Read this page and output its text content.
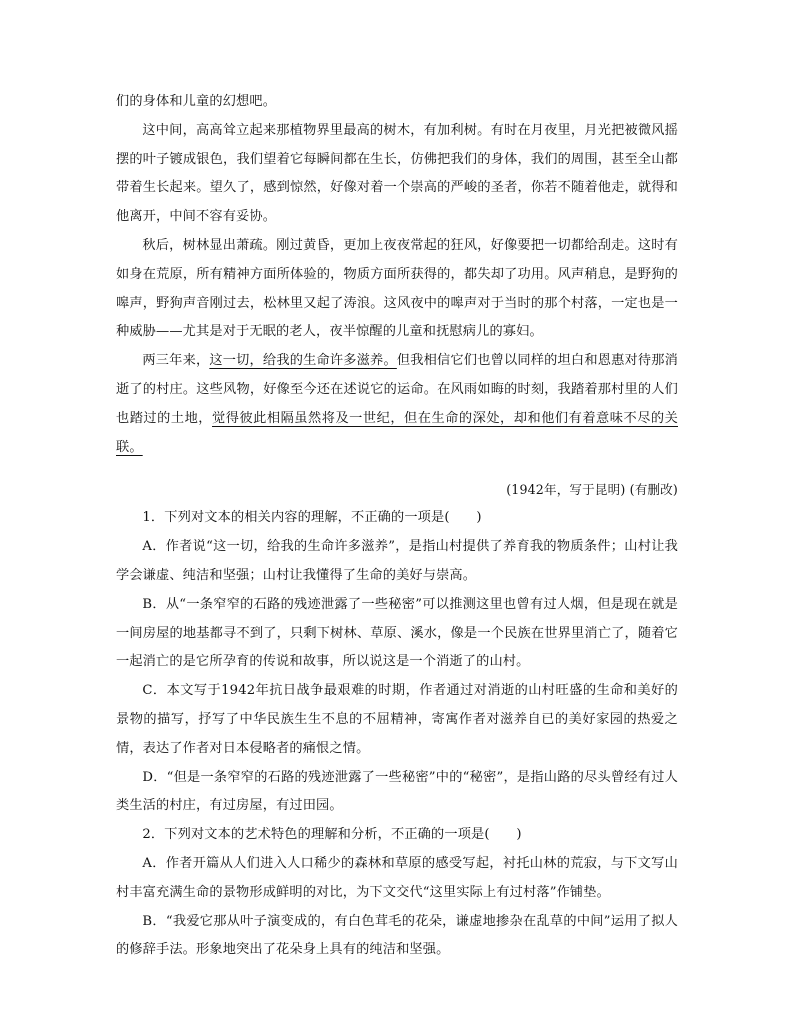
们的身体和儿童的幻想吧。

这中间，高高耸立起来那植物界里最高的树木，有加利树。有时在月夜里，月光把被微风摇摆的叶子镀成银色，我们望着它每瞬间都在生长，仿佛把我们的身体，我们的周围，甚至全山都带着生长起来。望久了，感到惊然，好像对着一个崇高的严峻的圣者，你若不随着他走，就得和他离开，中间不容有妥协。

秋后，树林显出萧疏。刚过黄昏，更加上夜夜常起的狂风，好像要把一切都给刮走。这时有如身在荒原，所有精神方面所体验的，物质方面所获得的，都失却了功用。风声稍息，是野狗的嗥声，野狗声音刚过去，松林里又起了涛浪。这风夜中的嗥声对于当时的那个村落，一定也是一种威胁——尤其是对于无眠的老人，夜半惊醒的儿童和抚慰病儿的寡妇。

两三年来，这一切，给我的生命许多滋养。但我相信它们也曾以同样的坦白和恩惠对待那消逝了的村庄。这些风物，好像至今还在述说它的运命。在风雨如晦的时刻，我踏着那村里的人们也踏过的土地，觉得彼此相隔虽然将及一世纪，但在生命的深处，却和他们有着意味不尽的关联。

(1942年，写于昆明) (有删改)

1．下列对文本的相关内容的理解，不正确的一项是(　　)

A．作者说“这一切，给我的生命许多滋养”，是指山村提供了养育我的物质条件；山村让我学会谦虚、纯洁和坚强；山村让我懂得了生命的美好与崇高。

B．从“一条窄窄的石路的残迹泄露了一些秘密”可以推测这里也曾有过人烟，但是现在就是一间房屋的地基都寻不到了，只剩下树林、草原、溪水，像是一个民族在世界里消亡了，随着它一起消亡的是它所孕育的传说和故事，所以说这是一个消逝了的山村。

C．本文写于1942年抗日战争最艰难的时期，作者通过对消逝的山村旺盛的生命和美好的景物的描写，抒写了中华民族生生不息的不屈精神，寄寓作者对滋养自已的美好家园的热爱之情，表达了作者对日本侵略者的痛恨之情。

D．“但是一条窄窄的石路的残迹泄露了一些秘密”中的“秘密”，是指山路的尽头曾经有过人类生活的村庄，有过房屋，有过田园。

2．下列对文本的艺术特色的理解和分析，不正确的一项是(　　)

A．作者开篇从人们进入人口稀少的森林和草原的感受写起，衬托山林的荒寂，与下文写山村丰富充满生命的景物形成鲜明的对比，为下文交代“这里实际上有过村落”作铺垫。

B．“我爱它那从叶子演变成的，有白色茸毛的花朵，谦虚地掺杂在乱草的中间”运用了拟人的修辞手法。形象地突出了花朵身上具有的纯洁和坚强。
